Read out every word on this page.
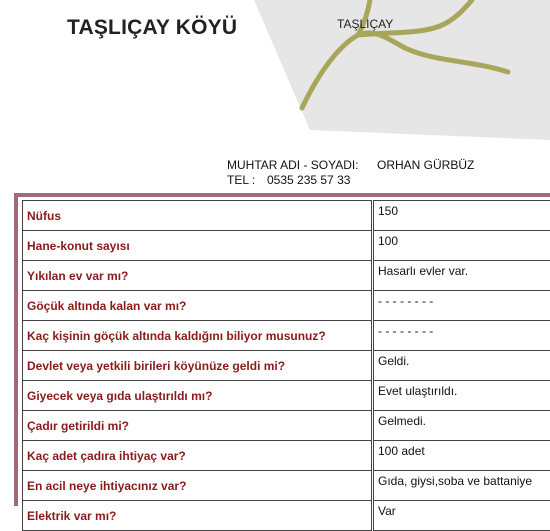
TAŞLIÇAY KÖYÜ	TAŞLIÇAY
MUHTAR ADI - SOYADI: ORHAN GÜRBÜZ
TEL : 0535 235 57 33
Nüfus	150
Hane-konut sayısı	100
Yıkılan ev var mı?	Hasarlı evler var.
Göçük altında kalan var mı?	- - - - - - - -
Kaç kişinin göçük altında kaldığını biliyor musunuz?	- - - - - - - -
Devlet veya yetkili birileri köyünüze geldi mi?	Geldi.
Giyecek veya gıda ulaştırıldı mı?	Evet ulaştırıldı.
Çadır getirildi mi?	Gelmedi.
Kaç adet çadıra ihtiyaç var?	100 adet
En acil neye ihtiyacınız var?	Gıda, giysi,soba ve battaniye
Elektrik var mı?	Var
